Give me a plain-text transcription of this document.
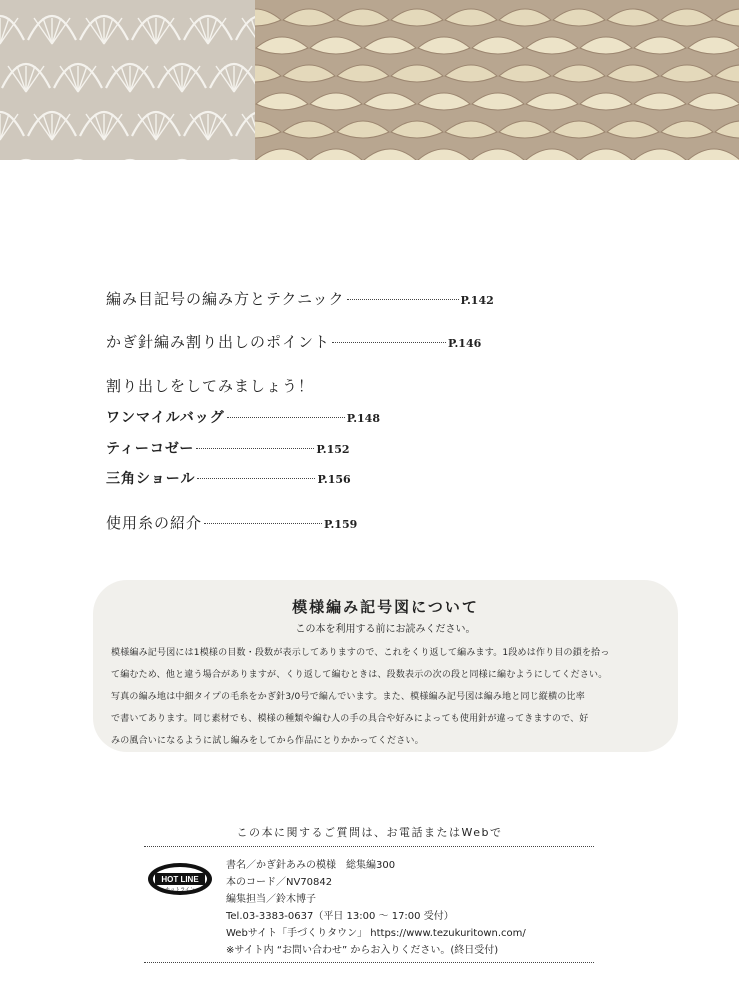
編み目記号の編み方とテクニック	P.142
かぎ針編み割り出しのポイント	P.146
割り出しをしてみましょう！
ワンマイルバッグ	P.148
ティーコゼー	P.152
三角ショール	P.156
使用糸の紹介	P.159
模様編み記号図について
この本を利用する前にお読みください。
模様編み記号図には1模様の目数・段数が表示してありますので、これをくり返して編みます。1段めは作り目の鎖を拾っ
て編むため、他と違う場合がありますが、くり返して編むときは、段数表示の次の段と同様に編むようにしてください。
写真の編み地は中細タイプの毛糸をかぎ針3/0号で編んでいます。また、模様編み記号図は編み地と同じ縦横の比率
で書いてあります。同じ素材でも、模様の種類や編む人の手の具合や好みによっても使用針が違ってきますので、好
みの風合いになるように試し編みをしてから作品にとりかかってください。
この本に関するご質問は、お電話またはWebで
HOT LINE
ホットライン
書名／かぎ針あみの模様　総集編300
本のコード／NV70842
編集担当／鈴木博子
Tel.03-3383-0637（平日 13:00 ～ 17:00 受付）
Webサイト「手づくりタウン」 https://www.tezukuritown.com/
※サイト内 “お問い合わせ” からお入りください。(終日受付)
